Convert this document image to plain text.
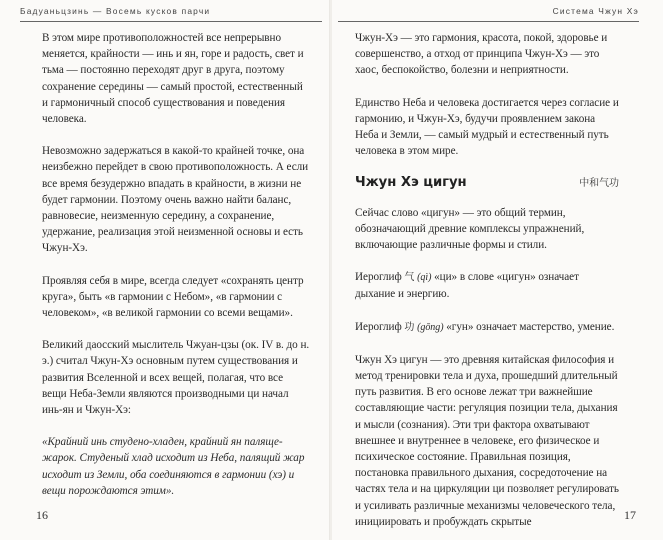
Бадуаньцзинь — Восемь кусков парчи

В этом мире противоположностей все непрерывно меняется, крайности — инь и ян, горе и радость, свет и тьма — постоянно переходят друг в друга, поэтому сохранение середины — самый простой, естественный и гармоничный способ существования и поведения человека.

Невозможно задержаться в какой-то крайней точке, она неизбежно перейдет в свою противоположность. А если все время безудержно впадать в крайности, в жизни не будет гармонии. Поэтому очень важно найти баланс, равновесие, неизменную середину, а сохранение, удержание, реализация этой неизменной основы и есть Чжун-Хэ.

Проявляя себя в мире, всегда следует «сохранять центр круга», быть «в гармонии с Небом», «в гармонии с человеком», «в великой гармонии со всеми вещами».

Великий даосский мыслитель Чжуан-цзы (ок. IV в. до н. э.) считал Чжун-Хэ основным путем существования и развития Вселенной и всех вещей, полагая, что все вещи Неба-Земли являются производными ци начал инь-ян и Чжун-Хэ:

«Крайний инь студено-хладен, крайний ян паляще-жарок. Студеный хлад исходит из Неба, палящий жар исходит из Земли, оба соединяются в гармонии (хэ) и вещи порождаются этим».

16
Система Чжун Хэ

Чжун-Хэ — это гармония, красота, покой, здоровье и совершенство, а отход от принципа Чжун-Хэ — это хаос, беспокойство, болезни и неприятности.

Единство Неба и человека достигается через согласие и гармонию, и Чжун-Хэ, будучи проявлением закона Неба и Земли, — самый мудрый и естественный путь человека в этом мире.

Чжун Хэ цигун	中和气功

Сейчас слово «цигун» — это общий термин, обозначающий древние комплексы упражнений, включающие различные формы и стили.

Иероглиф 气 (qì) «ци» в слове «цигун» означает дыхание и энергию.

Иероглиф 功 (gōng) «гун» означает мастерство, умение.

Чжун Хэ цигун — это древняя китайская философия и метод тренировки тела и духа, прошедший длительный путь развития. В его основе лежат три важнейшие составляющие части: регуляция позиции тела, дыхания и мысли (сознания). Эти три фактора охватывают внешнее и внутреннее в человеке, его физическое и психическое состояние. Правильная позиция, постановка правильного дыхания, сосредоточение на частях тела и на циркуляции ци позволяет регулировать и усиливать различные механизмы человеческого тела, инициировать и пробуждать скрытые	17
